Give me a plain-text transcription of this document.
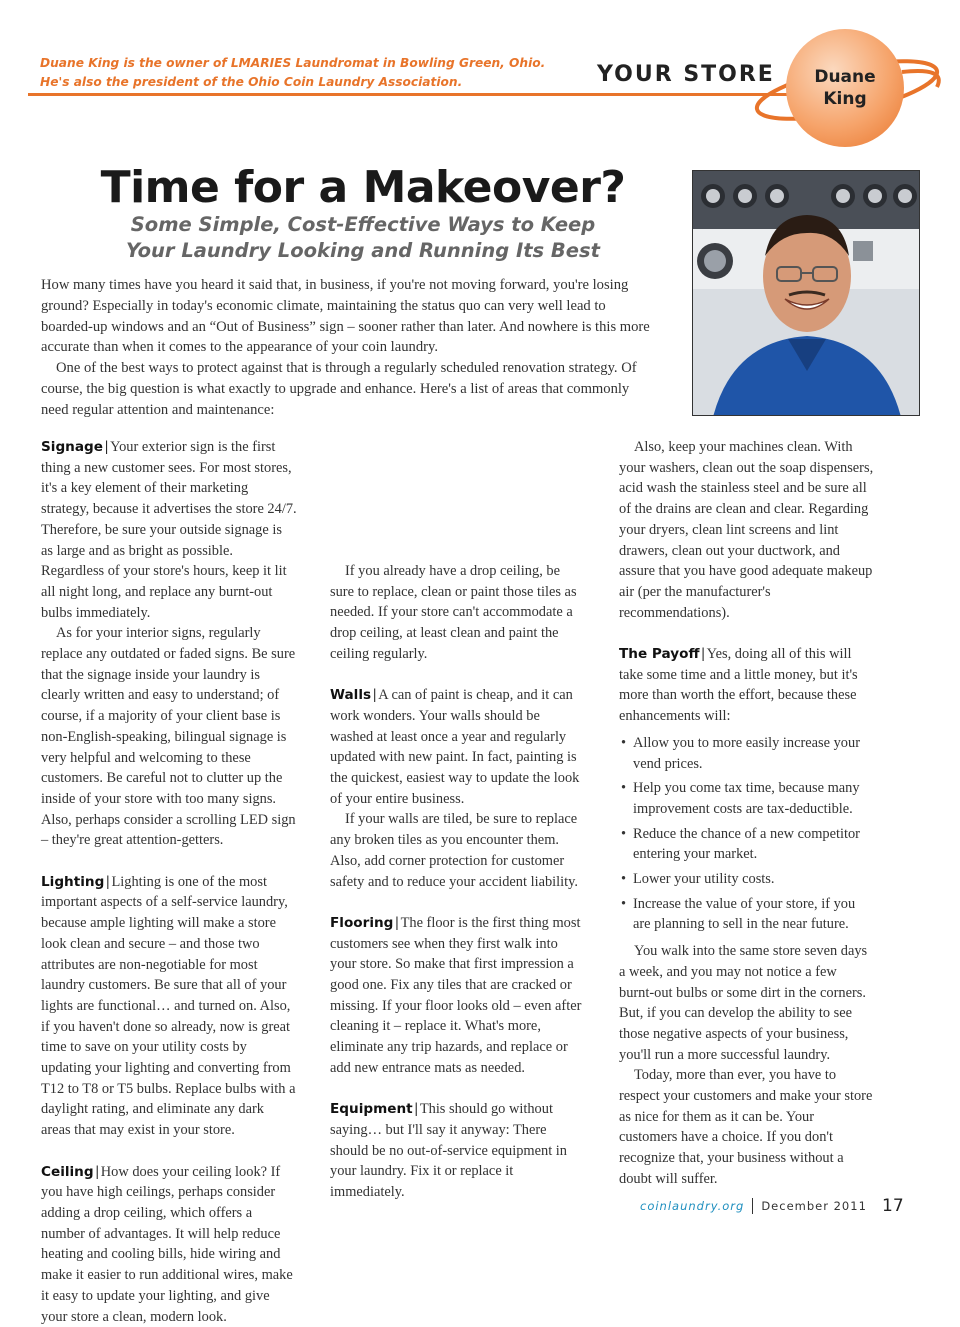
Duane King is the owner of LMARIES Laundromat in Bowling Green, Ohio. He's also the president of the Ohio Coin Laundry Association.	YOUR STORE Duane
King
Time for a Makeover?
Some Simple, Cost-Effective Ways to Keep
Your Laundry Looking and Running Its Best

How many times have you heard it said that, in business, if you're not moving forward, you're losing ground? Especially in today's economic climate, maintaining the status quo can very well lead to boarded-up windows and an “Out of Business” sign – sooner rather than later. And nowhere is this more accurate than when it comes to the appearance of your coin laundry.

One of the best ways to protect against that is through a regularly scheduled renovation strategy. Of course, the big question is what exactly to upgrade and enhance. Here's a list of areas that commonly need regular attention and maintenance:

Signage | Your exterior sign is the first thing a new customer sees. For most stores, it's a key element of their marketing strategy, because it advertises the store 24/7. Therefore, be sure your outside signage is as large and as bright as possible. Regardless of your store's hours, keep it lit all night long, and replace any burnt-out bulbs immediately.

As for your interior signs, regularly replace any outdated or faded signs. Be sure that the signage inside your laundry is clearly written and easy to understand; of course, if a majority of your client base is non-English-speaking, bilingual signage is very helpful and welcoming to these customers. Be careful not to clutter up the inside of your store with too many signs. Also, perhaps consider a scrolling LED sign – they're great attention-getters.

Lighting | Lighting is one of the most important aspects of a self-service laundry, because ample lighting will make a store look clean and secure – and those two attributes are non-negotiable for most laundry customers. Be sure that all of your lights are functional… and turned on. Also, if you haven't done so already, now is great time to save on your utility costs by updating your lighting and converting from T12 to T8 or T5 bulbs. Replace bulbs with a daylight rating, and eliminate any dark areas that may exist in your store.

Ceiling | How does your ceiling look? If you have high ceilings, perhaps consider adding a drop ceiling, which offers a number of advantages. It will help reduce heating and cooling bills, hide wiring and make it easier to run additional wires, make it easy to update your lighting, and give your store a clean, modern look.

If you already have a drop ceiling, be sure to replace, clean or paint those tiles as needed. If your store can't accommodate a drop ceiling, at least clean and paint the ceiling regularly.

Walls | A can of paint is cheap, and it can work wonders. Your walls should be washed at least once a year and regularly updated with new paint. In fact, painting is the quickest, easiest way to update the look of your entire business.

If your walls are tiled, be sure to replace any broken tiles as you encounter them. Also, add corner protection for customer safety and to reduce your accident liability.

Flooring | The floor is the first thing most customers see when they first walk into your store. So make that first impression a good one. Fix any tiles that are cracked or missing. If your floor looks old – even after cleaning it – replace it. What's more, eliminate any trip hazards, and replace or add new entrance mats as needed.

Equipment | This should go without saying… but I'll say it anyway: There should be no out-of-service equipment in your laundry. Fix it or replace it immediately.

Also, keep your machines clean. With your washers, clean out the soap dispensers, acid wash the stainless steel and be sure all of the drains are clean and clear. Regarding your dryers, clean lint screens and lint drawers, clean out your ductwork, and assure that you have good adequate makeup air (per the manufacturer's recommendations).

The Payoff | Yes, doing all of this will take some time and a little money, but it's more than worth the effort, because these enhancements will:

• Allow you to more easily increase your vend prices.
• Help you come tax time, because many improvement costs are tax-deductible.
• Reduce the chance of a new competitor entering your market.
• Lower your utility costs.
• Increase the value of your store, if you are planning to sell in the near future.

You walk into the same store seven days a week, and you may not notice a few burnt-out bulbs or some dirt in the corners. But, if you can develop the ability to see those negative aspects of your business, you'll run a more successful laundry.

Today, more than ever, you have to respect your customers and make your store as nice for them as it can be. Your customers have a choice. If you don't recognize that, your business without a doubt will suffer.

coinlaundry.org December 2011 17
